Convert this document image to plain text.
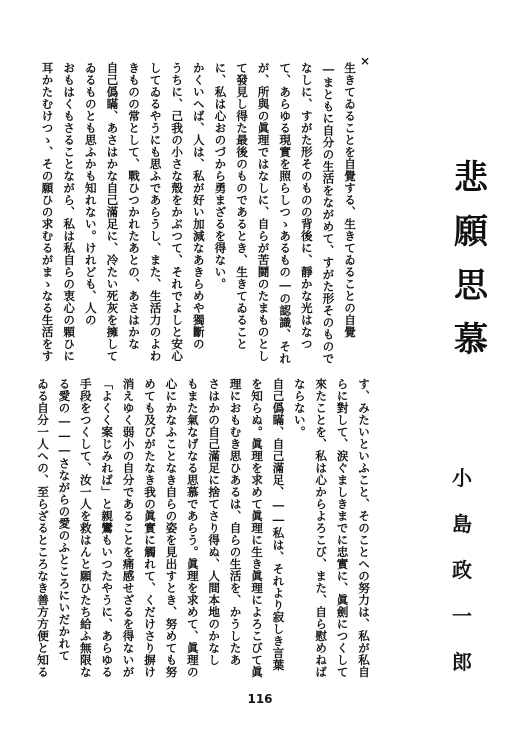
×
悲
願
思
慕
小
島
政
一
郎
生きてゐることを自覺する、生きてゐることの自覺
―まともに自分の生活をながめて、すがた形そのもので
なしに、すがた形そのものの背後に、靜かな光はなつ
て、あらゆる現實を照らしつゝあるもの―の認識、それ
が、所與の眞理ではなしに、自らが苦鬪のたまものとし
て發見し得た最後のものであるとき、生きてゐること
に、私は心おのづから勇まざるを得ない。
かくいへば、人は、私が好い加減なあきらめや獨斷の
うちに、己我の小さな殼をかぶつて、それでよしと安心
してゐるやうにも思ふであらうし、また、生活力のよわ
きものの常として、戰ひつかれたあとの、あさはかな
自己僞瞞、あさはかな自己滿足に、冷たい死灰を擁して
ゐるものとも思ふかも知れない。けれども、人の
おもはくもさることながら、私は私自らの衷心の顆ひに
耳かたむけつゝ、その願ひの求むるがまゝなる生活をす
す、みたいといふこと、そのことへの努力は、私が私自
らに對して、涙ぐましきまでに忠實に、眞劍につくして
來たことを、私は心からよろこび、また、自ら慰めねば
ならない。
自己僞瞞、自己滿足、――私は、それより寂しき言葉
を知らぬ。眞理を求めて眞理に生き眞理によろこびて眞
理におもむき思ひあるは、自らの生活を、かうしたあ
さはかの自己滿足に捨てさり得ぬ、人間本地のかなし
もまた氣なげなる思慕であらう。眞理を求めて、眞理の
心にかなふことなき自らの姿を見出すとき、努めても努
めても及びがたなき我の眞實に觸れて、くだけさり摒け
消えゆく弱小の自分であることを痛感せざるを得ないが
「よくく案じみれば」と親鸞もいつたやうに、あらゆる
手段をつくして、汝一人を救はんと願ひたち給ふ無限な
る愛の―――さながらの愛のふところにいだかれて
ゐる自分一人への、至らざるところなき善方方便と知る
116
